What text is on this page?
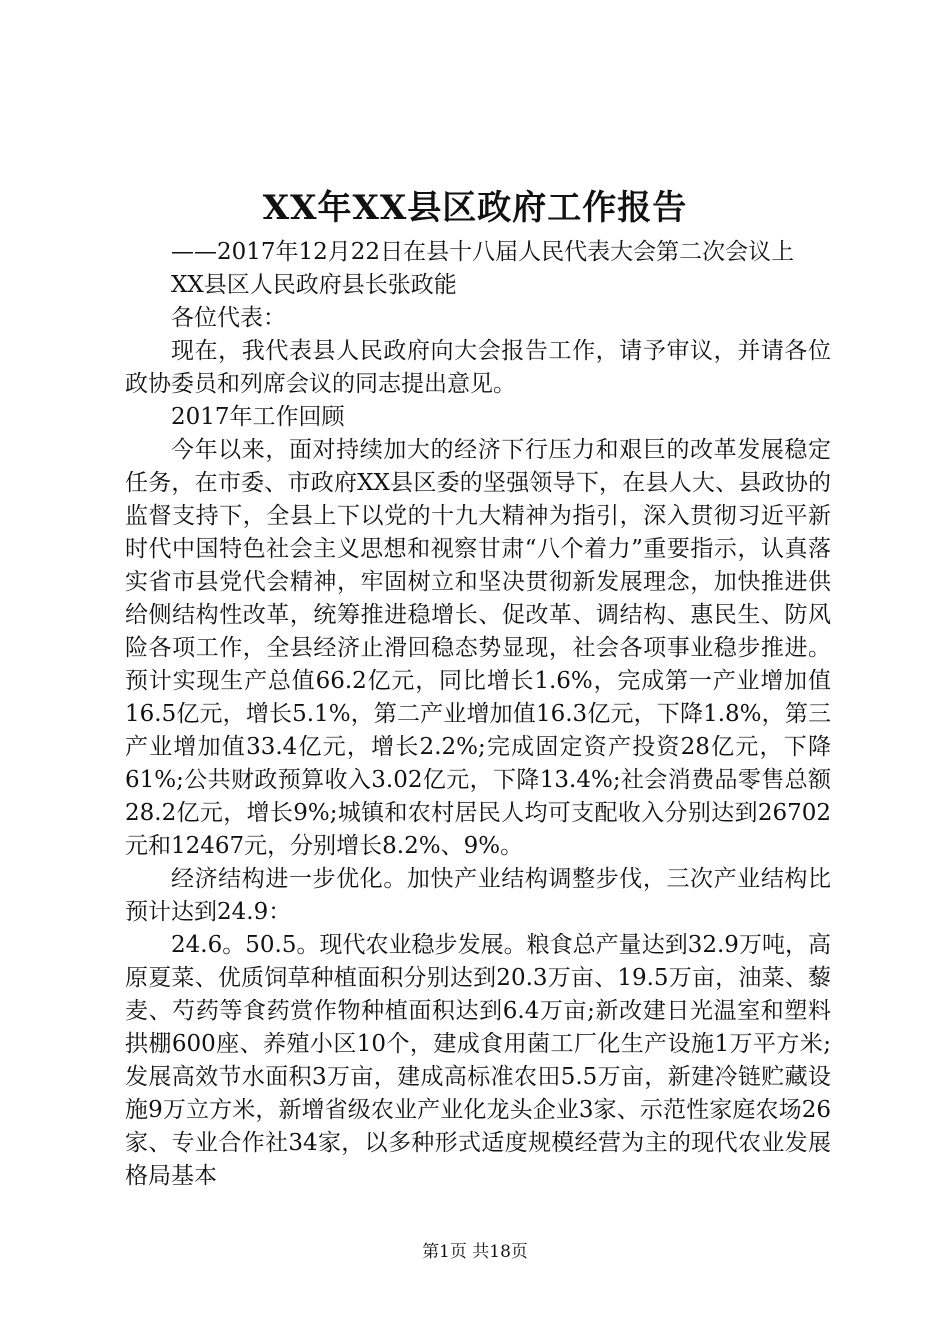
XX年XX县区政府工作报告

——2017年12月22日在县十八届人民代表大会第二次会议上

XX县区人民政府县长张政能

各位代表：

现在，我代表县人民政府向大会报告工作，请予审议，并请各位政协委员和列席会议的同志提出意见。

2017年工作回顾

今年以来，面对持续加大的经济下行压力和艰巨的改革发展稳定任务，在市委、市政府XX县区委的坚强领导下，在县人大、县政协的监督支持下，全县上下以党的十九大精神为指引，深入贯彻习近平新时代中国特色社会主义思想和视察甘肃“八个着力”重要指示，认真落实省市县党代会精神，牢固树立和坚决贯彻新发展理念，加快推进供给侧结构性改革，统筹推进稳增长、促改革、调结构、惠民生、防风险各项工作，全县经济止滑回稳态势显现，社会各项事业稳步推进。预计实现生产总值66.2亿元，同比增长1.6%，完成第一产业增加值16.5亿元，增长5.1%，第二产业增加值16.3亿元，下降1.8%，第三产业增加值33.4亿元，增长2.2%;完成固定资产投资28亿元，下降61%;公共财政预算收入3.02亿元，下降13.4%;社会消费品零售总额28.2亿元，增长9%;城镇和农村居民人均可支配收入分别达到26702元和12467元，分别增长8.2%、9%。

经济结构进一步优化。加快产业结构调整步伐，三次产业结构比预计达到24.9：

24.6。50.5。现代农业稳步发展。粮食总产量达到32.9万吨，高原夏菜、优质饲草种植面积分别达到20.3万亩、19.5万亩，油菜、藜麦、芍药等食药赏作物种植面积达到6.4万亩;新改建日光温室和塑料拱棚600座、养殖小区10个，建成食用菌工厂化生产设施1万平方米;发展高效节水面积3万亩，建成高标准农田5.5万亩，新建冷链贮藏设施9万立方米，新增省级农业产业化龙头企业3家、示范性家庭农场26家、专业合作社34家，以多种形式适度规模经营为主的现代农业发展格局基本

第1页 共18页
